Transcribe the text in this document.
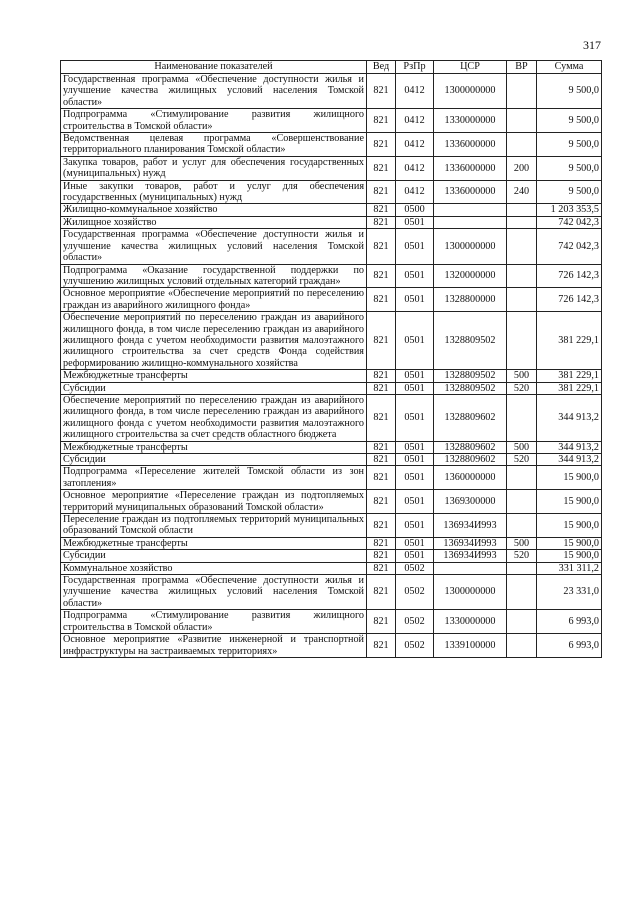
317
Наименование показателей	Вед	РзПр	ЦСР	ВР	Сумма
Государственная программа «Обеспечение доступности жилья и улучшение качества жилищных условий населения Томской области»	821	0412	1300000000		9 500,0
Подпрограмма «Стимулирование развития жилищного строительства в Томской области»	821	0412	1330000000		9 500,0
Ведомственная целевая программа «Совершенствование территориального планирования Томской области»	821	0412	1336000000		9 500,0
Закупка товаров, работ и услуг для обеспечения государственных (муниципальных) нужд	821	0412	1336000000	200	9 500,0
Иные закупки товаров, работ и услуг для обеспечения государственных (муниципальных) нужд	821	0412	1336000000	240	9 500,0
Жилищно-коммунальное хозяйство	821	0500			1 203 353,5
Жилищное хозяйство	821	0501			742 042,3
Государственная программа «Обеспечение доступности жилья и улучшение качества жилищных условий населения Томской области»	821	0501	1300000000		742 042,3
Подпрограмма «Оказание государственной поддержки по улучшению жилищных условий отдельных категорий граждан»	821	0501	1320000000		726 142,3
Основное мероприятие «Обеспечение мероприятий по переселению граждан из аварийного жилищного фонда»	821	0501	1328800000		726 142,3
Обеспечение мероприятий по переселению граждан из аварийного жилищного фонда, в том числе переселению граждан из аварийного жилищного фонда с учетом необходимости развития малоэтажного жилищного строительства за счет средств Фонда содействия реформированию жилищно-коммунального хозяйства	821	0501	1328809502		381 229,1
Межбюджетные трансферты	821	0501	1328809502	500	381 229,1
Субсидии	821	0501	1328809502	520	381 229,1
Обеспечение мероприятий по переселению граждан из аварийного жилищного фонда, в том числе переселению граждан из аварийного жилищного фонда с учетом необходимости развития малоэтажного жилищного строительства за счет средств областного бюджета	821	0501	1328809602		344 913,2
Межбюджетные трансферты	821	0501	1328809602	500	344 913,2
Субсидии	821	0501	1328809602	520	344 913,2
Подпрограмма «Переселение жителей Томской области из зон затопления»	821	0501	1360000000		15 900,0
Основное мероприятие «Переселение граждан из подтопляемых территорий муниципальных образований Томской области»	821	0501	1369300000		15 900,0
Переселение граждан из подтопляемых территорий муниципальных образований Томской области	821	0501	136934И993		15 900,0
Межбюджетные трансферты	821	0501	136934И993	500	15 900,0
Субсидии	821	0501	136934И993	520	15 900,0
Коммунальное хозяйство	821	0502			331 311,2
Государственная программа «Обеспечение доступности жилья и улучшение качества жилищных условий населения Томской области»	821	0502	1300000000		23 331,0
Подпрограмма «Стимулирование развития жилищного строительства в Томской области»	821	0502	1330000000		6 993,0
Основное мероприятие «Развитие инженерной и транспортной инфраструктуры на застраиваемых территориях»	821	0502	1339100000		6 993,0
